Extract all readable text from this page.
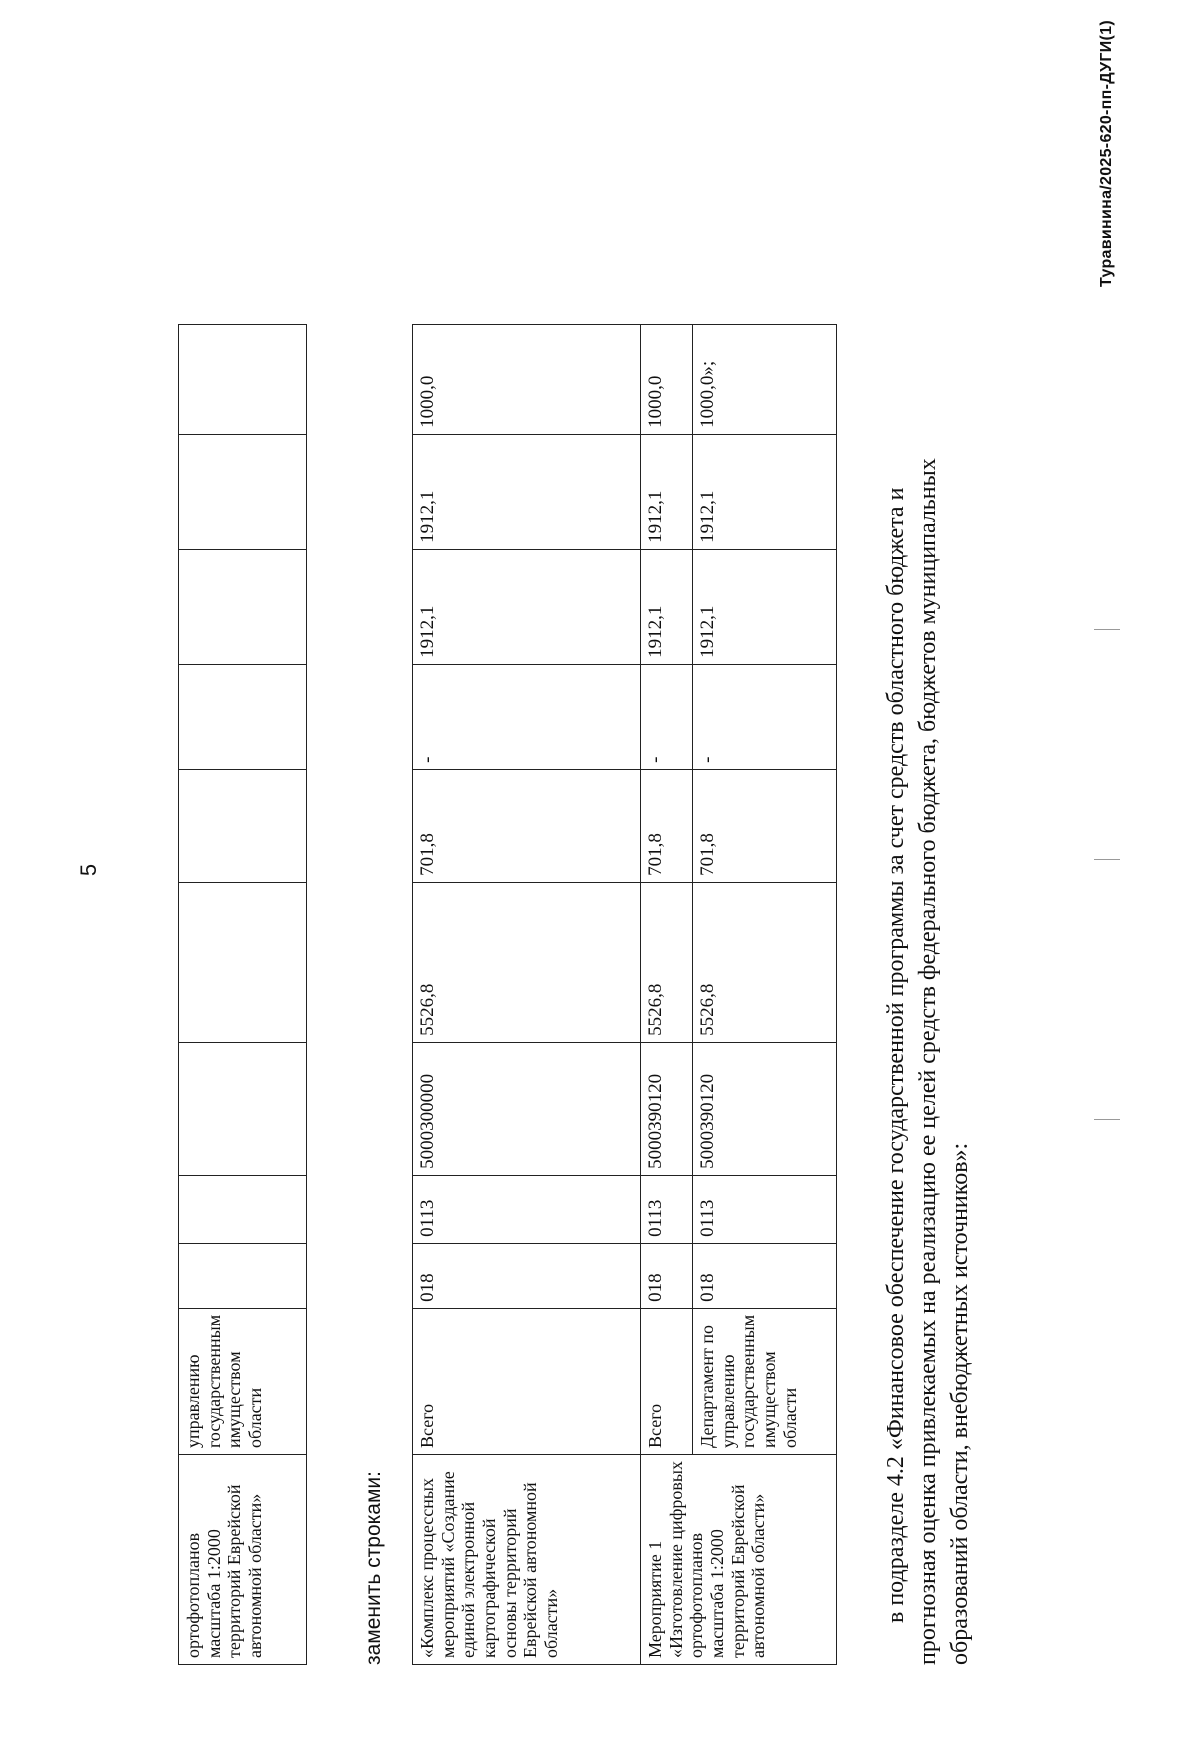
5
ортофотопланов масштаба 1:2000 территорий Еврейской автономной области»	управлению государственным имуществом области									
заменить строками: «Комплекс процессных мероприятий «Создание единой электронной картографической основы территорий Еврейской автономной области»	Всего	018	0113	5000300000	5526,8	701,8	-	1912,1	1912,1	1000,0
Мероприятие 1 «Изготовление цифровых ортофотопланов масштаба 1:2000 территорий Еврейской автономной области»	Всего	018	0113	5000390120	5526,8	701,8	-	1912,1	1912,1	1000,0
	Департамент по управлению государственным имуществом области	018	0113	5000390120	5526,8	701,8	-	1912,1	1912,1	1000,0»;
в подразделе 4.2 «Финансовое обеспечение государственной программы за счет средств областного бюджета и прогнозная оценка привлекаемых на реализацию ее целей средств федерального бюджета, бюджетов муниципальных образований области, внебюджетных источников»:
Туравинина/2025-620-пп-ДУГИ(1)
